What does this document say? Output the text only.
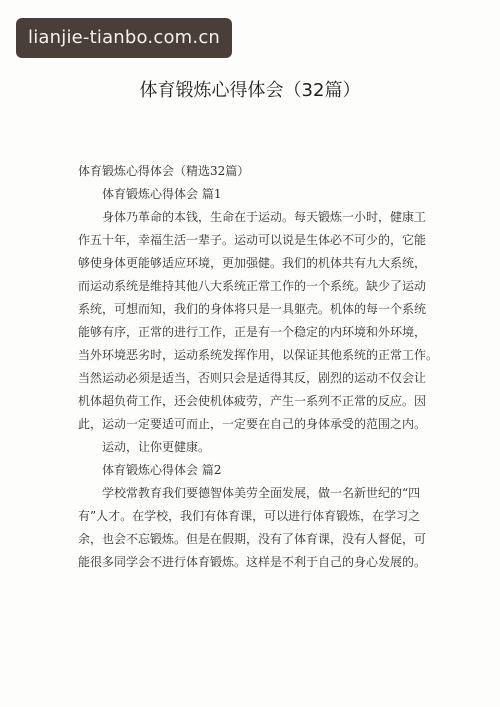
lianjie-tianbo.com.cn
体育锻炼心得体会（32篇）

体育锻炼心得体会（精选32篇）

体育锻炼心得体会 篇1

身体乃革命的本钱，生命在于运动。每天锻炼一小时，健康工

作五十年，幸福生活一辈子。运动可以说是生体必不可少的，它能

够使身体更能够适应环境，更加强健。我们的机体共有九大系统，

而运动系统是维持其他八大系统正常工作的一个系统。缺少了运动

系统，可想而知，我们的身体将只是一具躯壳。机体的每一个系统

能够有序，正常的进行工作，正是有一个稳定的内环境和外环境，

当外环境恶劣时，运动系统发挥作用，以保证其他系统的正常工作。

当然运动必须是适当，否则只会是适得其反，剧烈的运动不仅会让

机体超负荷工作，还会使机体疲劳，产生一系列不正常的反应。因

此，运动一定要适可而止，一定要在自己的身体承受的范围之内。

运动，让你更健康。

体育锻炼心得体会 篇2

学校常教育我们要德智体美劳全面发展，做一名新世纪的“四

有”人才。在学校，我们有体育课，可以进行体育锻炼，在学习之

余，也会不忘锻炼。但是在假期，没有了体育课，没有人督促，可

能很多同学会不进行体育锻炼。这样是不利于自己的身心发展的。
